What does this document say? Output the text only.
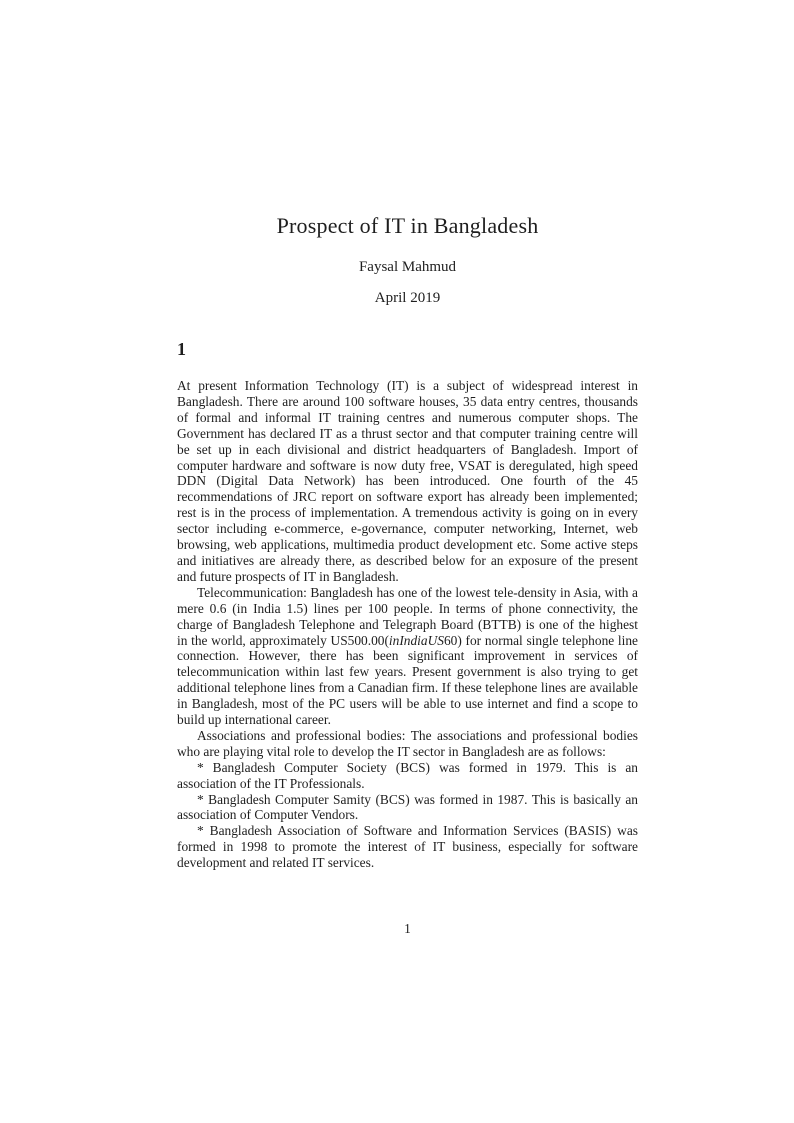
Prospect of IT in Bangladesh
Faysal Mahmud
April 2019
1

At present Information Technology (IT) is a subject of widespread interest in Bangladesh. There are around 100 software houses, 35 data entry centres, thousands of formal and informal IT training centres and numerous computer shops. The Government has declared IT as a thrust sector and that computer training centre will be set up in each divisional and district headquarters of Bangladesh. Import of computer hardware and software is now duty free, VSAT is deregulated, high speed DDN (Digital Data Network) has been introduced. One fourth of the 45 recommendations of JRC report on software export has already been implemented; rest is in the process of implementation. A tremendous activity is going on in every sector including e-commerce, e-governance, computer networking, Internet, web browsing, web applications, multimedia product development etc. Some active steps and initiatives are already there, as described below for an exposure of the present and future prospects of IT in Bangladesh.

Telecommunication: Bangladesh has one of the lowest tele-density in Asia, with a mere 0.6 (in India 1.5) lines per 100 people. In terms of phone connectivity, the charge of Bangladesh Telephone and Telegraph Board (BTTB) is one of the highest in the world, approximately US500.00(inIndiaUS60) for normal single telephone line connection. However, there has been significant improvement in services of telecommunication within last few years. Present government is also trying to get additional telephone lines from a Canadian firm. If these telephone lines are available in Bangladesh, most of the PC users will be able to use internet and find a scope to build up international career.

Associations and professional bodies: The associations and professional bodies who are playing vital role to develop the IT sector in Bangladesh are as follows:

* Bangladesh Computer Society (BCS) was formed in 1979. This is an association of the IT Professionals.

* Bangladesh Computer Samity (BCS) was formed in 1987. This is basically an association of Computer Vendors.

* Bangladesh Association of Software and Information Services (BASIS) was formed in 1998 to promote the interest of IT business, especially for software development and related IT services.

1
